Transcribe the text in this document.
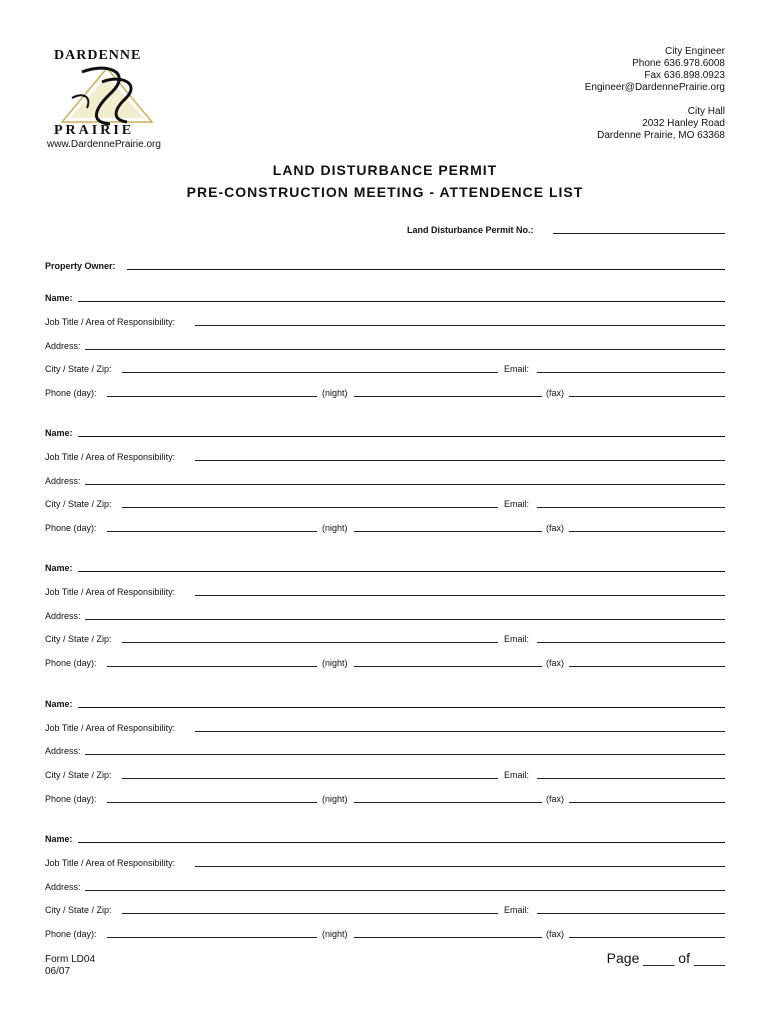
DARDENNE
PRAIRIE
www.DardennePrairie.org
City Engineer
Phone 636.978.6008
Fax 636.898.0923
Engineer@DardennePrairie.org
City Hall
2032 Hanley Road
Dardenne Prairie, MO 63368
LAND DISTURBANCE PERMIT
PRE-CONSTRUCTION MEETING - ATTENDENCE LIST
Land Disturbance Permit No.:
Property Owner:
Name:
Job Title / Area of Responsibility:
Address:
City / State / Zip:	Email:
Phone (day):	(night)	(fax)
Name:
Job Title / Area of Responsibility:
Address:
City / State / Zip:	Email:
Phone (day):	(night)	(fax)
Name:
Job Title / Area of Responsibility:
Address:
City / State / Zip:	Email:
Phone (day):	(night)	(fax)
Name:
Job Title / Area of Responsibility:
Address:
City / State / Zip:	Email:
Phone (day):	(night)	(fax)
Name:
Job Title / Area of Responsibility:
Address:
City / State / Zip:	Email:
Phone (day):	(night)	(fax)
Form LD04
06/07
Page ____ of ____
